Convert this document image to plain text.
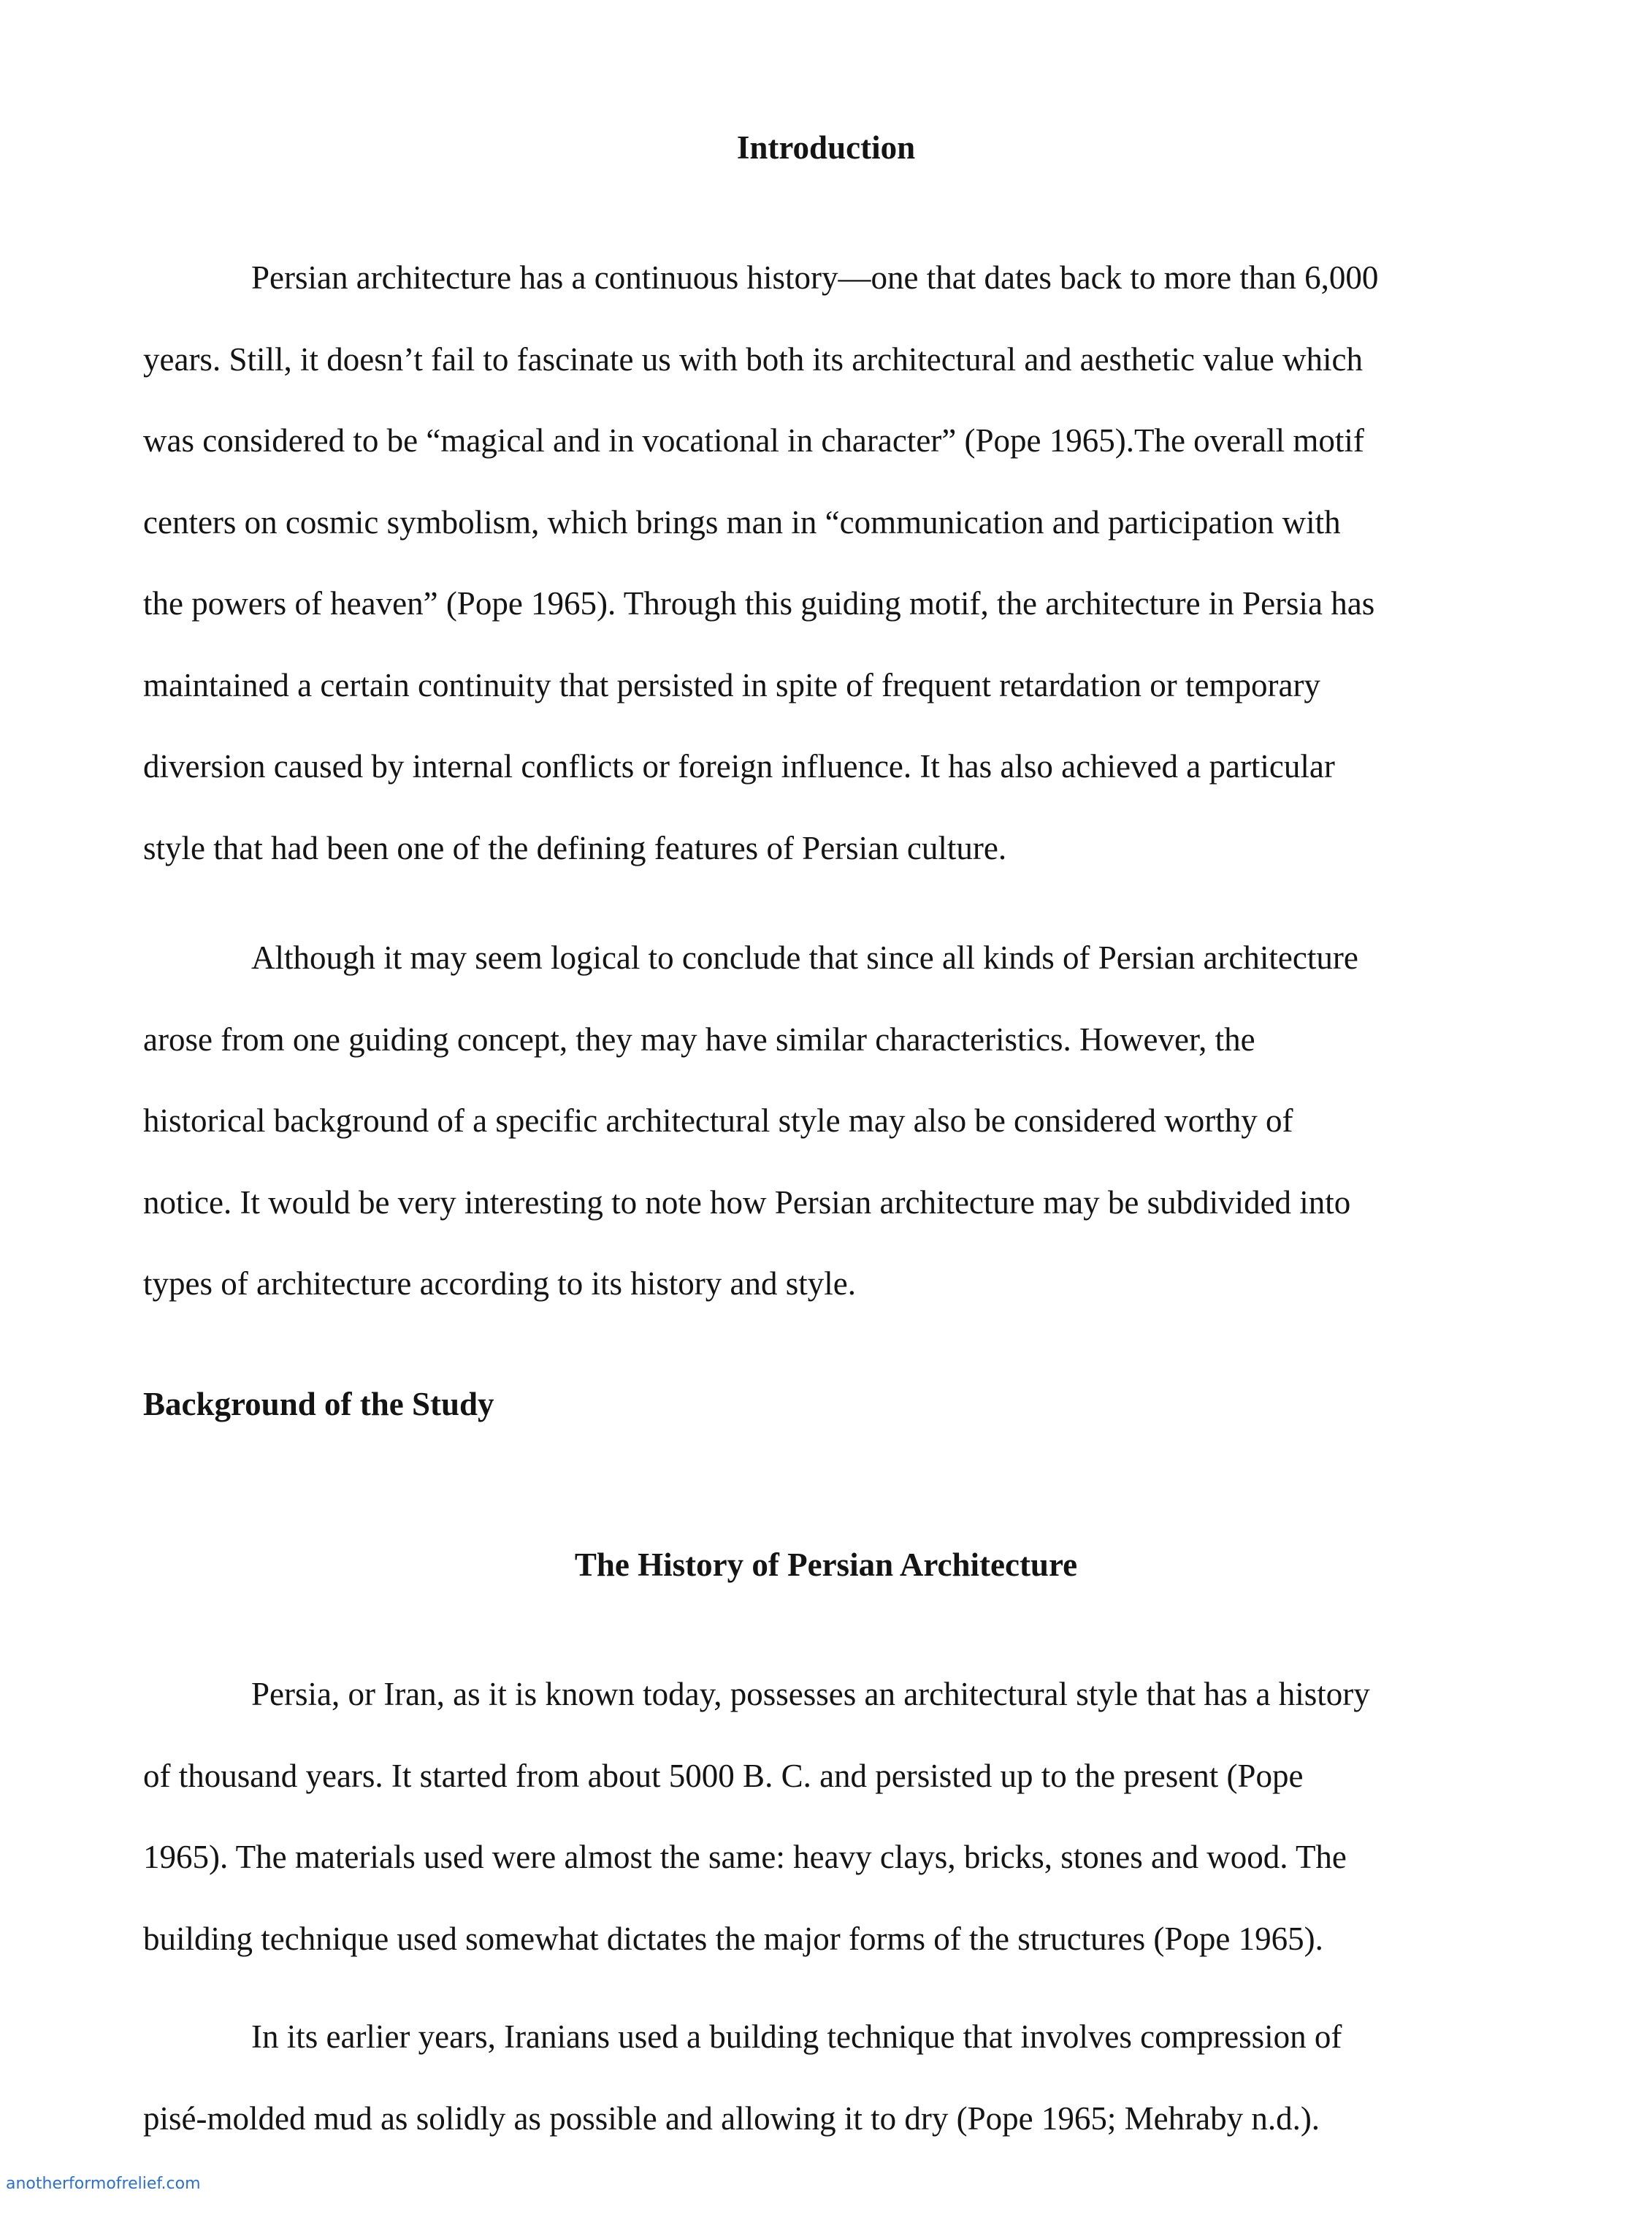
Introduction

Persian architecture has a continuous history—one that dates back to more than 6,000
years. Still, it doesn’t fail to fascinate us with both its architectural and aesthetic value which
was considered to be “magical and in vocational in character” (Pope 1965).The overall motif
centers on cosmic symbolism, which brings man in “communication and participation with
the powers of heaven” (Pope 1965). Through this guiding motif, the architecture in Persia has
maintained a certain continuity that persisted in spite of frequent retardation or temporary
diversion caused by internal conflicts or foreign influence. It has also achieved a particular
style that had been one of the defining features of Persian culture.

Although it may seem logical to conclude that since all kinds of Persian architecture
arose from one guiding concept, they may have similar characteristics. However, the
historical background of a specific architectural style may also be considered worthy of
notice. It would be very interesting to note how Persian architecture may be subdivided into
types of architecture according to its history and style.

Background of the Study
The History of Persian Architecture

Persia, or Iran, as it is known today, possesses an architectural style that has a history
of thousand years. It started from about 5000 B. C. and persisted up to the present (Pope
1965). The materials used were almost the same: heavy clays, bricks, stones and wood. The
building technique used somewhat dictates the major forms of the structures (Pope 1965).

In its earlier years, Iranians used a building technique that involves compression of
pisé-molded mud as solidly as possible and allowing it to dry (Pope 1965; Mehraby n.d.).

anotherformofrelief.com
